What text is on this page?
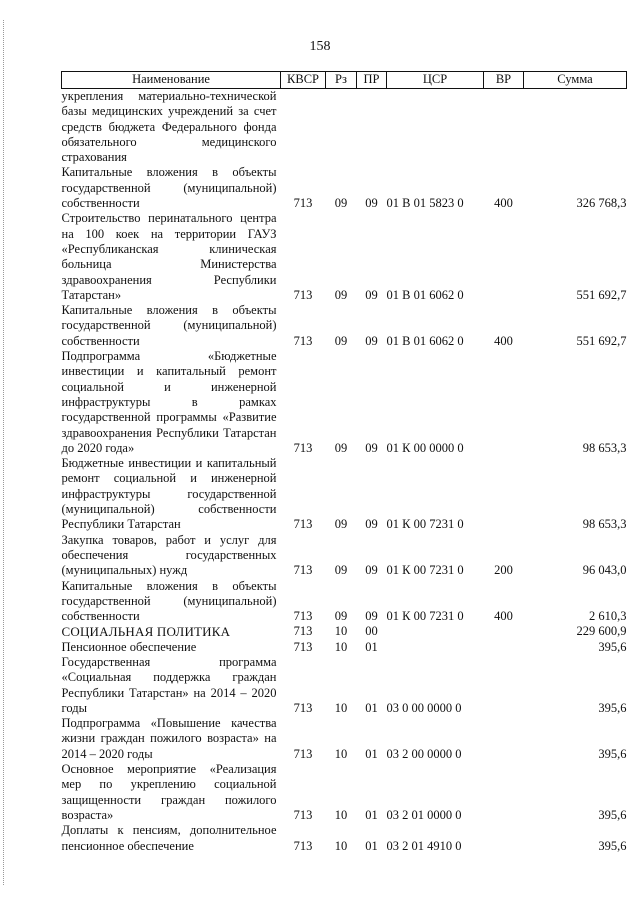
158
Наименование	КВСР	Рз	ПР	ЦСР	ВР	Сумма
укрепления материально-технической базы медицинских учреждений за счет средств бюджета Федерального фонда обязательного медицинского страхования						
Капитальные вложения в объекты государственной (муниципальной) собственности	713	09	09	01 В 01 5823 0	400	326 768,3
Строительство перинатального центра на 100 коек на территории ГАУЗ «Республиканская клиническая больница Министерства здравоохранения Республики Татарстан»	713	09	09	01 В 01 6062 0		551 692,7
Капитальные вложения в объекты государственной (муниципальной) собственности	713	09	09	01 В 01 6062 0	400	551 692,7
Подпрограмма «Бюджетные инвестиции и капитальный ремонт социальной и инженерной инфраструктуры в рамках государственной программы «Развитие здравоохранения Республики Татарстан до 2020 года»	713	09	09	01 К 00 0000 0		98 653,3
Бюджетные инвестиции и капитальный ремонт социальной и инженерной инфраструктуры государственной (муниципальной) собственности Республики Татарстан	713	09	09	01 К 00 7231 0		98 653,3
Закупка товаров, работ и услуг для обеспечения государственных (муниципальных) нужд	713	09	09	01 К 00 7231 0	200	96 043,0
Капитальные вложения в объекты государственной (муниципальной) собственности	713	09	09	01 К 00 7231 0	400	2 610,3
СОЦИАЛЬНАЯ ПОЛИТИКА	713	10	00			229 600,9
Пенсионное обеспечение	713	10	01			395,6
Государственная программа «Социальная поддержка граждан Республики Татарстан» на 2014 – 2020 годы	713	10	01	03 0 00 0000 0		395,6
Подпрограмма «Повышение качества жизни граждан пожилого возраста» на 2014 – 2020 годы	713	10	01	03 2 00 0000 0		395,6
Основное мероприятие «Реализация мер по укреплению социальной защищенности граждан пожилого возраста»	713	10	01	03 2 01 0000 0		395,6
Доплаты к пенсиям, дополнительное пенсионное обеспечение	713	10	01	03 2 01 4910 0		395,6
